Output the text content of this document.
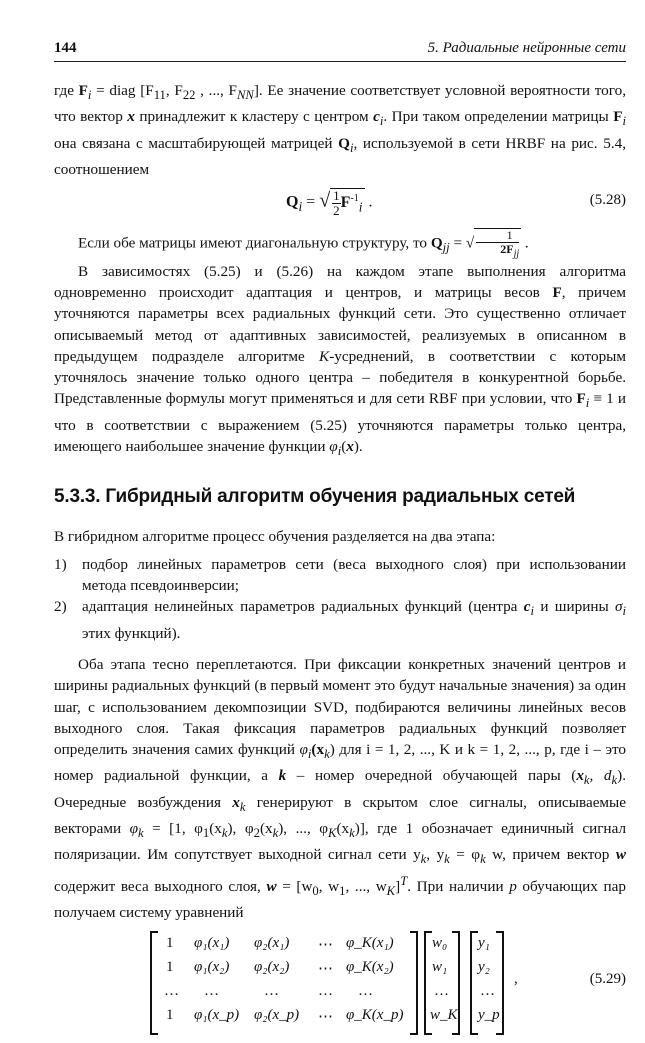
144	5. Радиальные нейронные сети

где $F_i$ = diag [$F_{11}$, $F_{22}$ , ..., $F_{NN}$]. Ее значение соответствует условной вероятности того, что вектор x принадлежит к кластеру с центром $c_i$. При таком определении матрицы $F_i$ она связана с масштабирующей матрицей $Q_i$, используемой в сети HRBF на рис. 5.4, соотношением

$Q_i$ = √ $\frac{1}{2}F^{-1}_i$ .	(5.28)

Если обе матрицы имеют диагональную структуру, то $Q_{jj}$ = √	1
$2F_{jj}$ .

В зависимостях (5.25) и (5.26) на каждом этапе выполнения алгоритма одновременно происходит адаптация и центров, и матрицы весов F, причем уточняются параметры всех радиальных функций сети. Это существенно отличает описываемый метод от адаптивных зависимостей, реализуемых в описанном в предыдущем подразделе алгоритме K-усреднений, в соответствии с которым уточнялось значение только одного центра – победителя в конкурентной борьбе. Представленные формулы могут применяться и для сети RBF при условии, что $F_i \equiv 1$ и что в соответствии с выражением (5.25) уточняются параметры только центра, имеющего наибольшее значение функции $\varphi_i(x)$.

5.3.3. Гибридный алгоритм обучения радиальных сетей

В гибридном алгоритме процесс обучения разделяется на два этапа:

1)	подбор линейных параметров сети (веса выходного слоя) при использовании метода псевдоинверсии;
2)	адаптация нелинейных параметров радиальных функций (центра $c_i$ и ширины $\sigma_i$ этих функций).

Оба этапа тесно переплетаются. При фиксации конкретных значений центров и ширины радиальных функций (в первый момент это будут начальные значения) за один шаг, с использованием декомпозиции SVD, подбираются величины линейных весов выходного слоя. Такая фиксация параметров радиальных функций позволяет определить значения самих функций $\varphi_i(x_k)$ для i = 1, 2, ..., K и k = 1, 2, ..., p, где i – это номер радиальной функции, а k – номер очередной обучающей пары ($x_k$, $d_k$). Очередные возбуждения $x_k$ генерируют в скрытом слое сигналы, описываемые векторами $\varphi_k = [1$, $\varphi_1(x_k)$, $\varphi_2(x_k)$, ..., $\varphi_K(x_k)$], где 1 обозначает единичный сигнал поляризации. Им сопутствует выходной сигнал сети $y_k$, $y_k = \varphi_k$ w, причем вектор w содержит веса выходного слоя, $w = [w_0$, $w_1$, ..., $w_K]^T$. При наличии p обучающих пар получаем систему уравнений

1 φ₁(x₁) φ₂(x₁) ⋯ φ_K(x₁)
1 φ₁(x₂) φ₂(x₂) ⋯ φ_K(x₂)
… …	…	… …
1 φ₁(x_p) φ₂(x_p) ⋯ φ_K(x_p)
w₀
w₁
…
w_K
y₁
y₂
…
y_p
,	(5.29)
